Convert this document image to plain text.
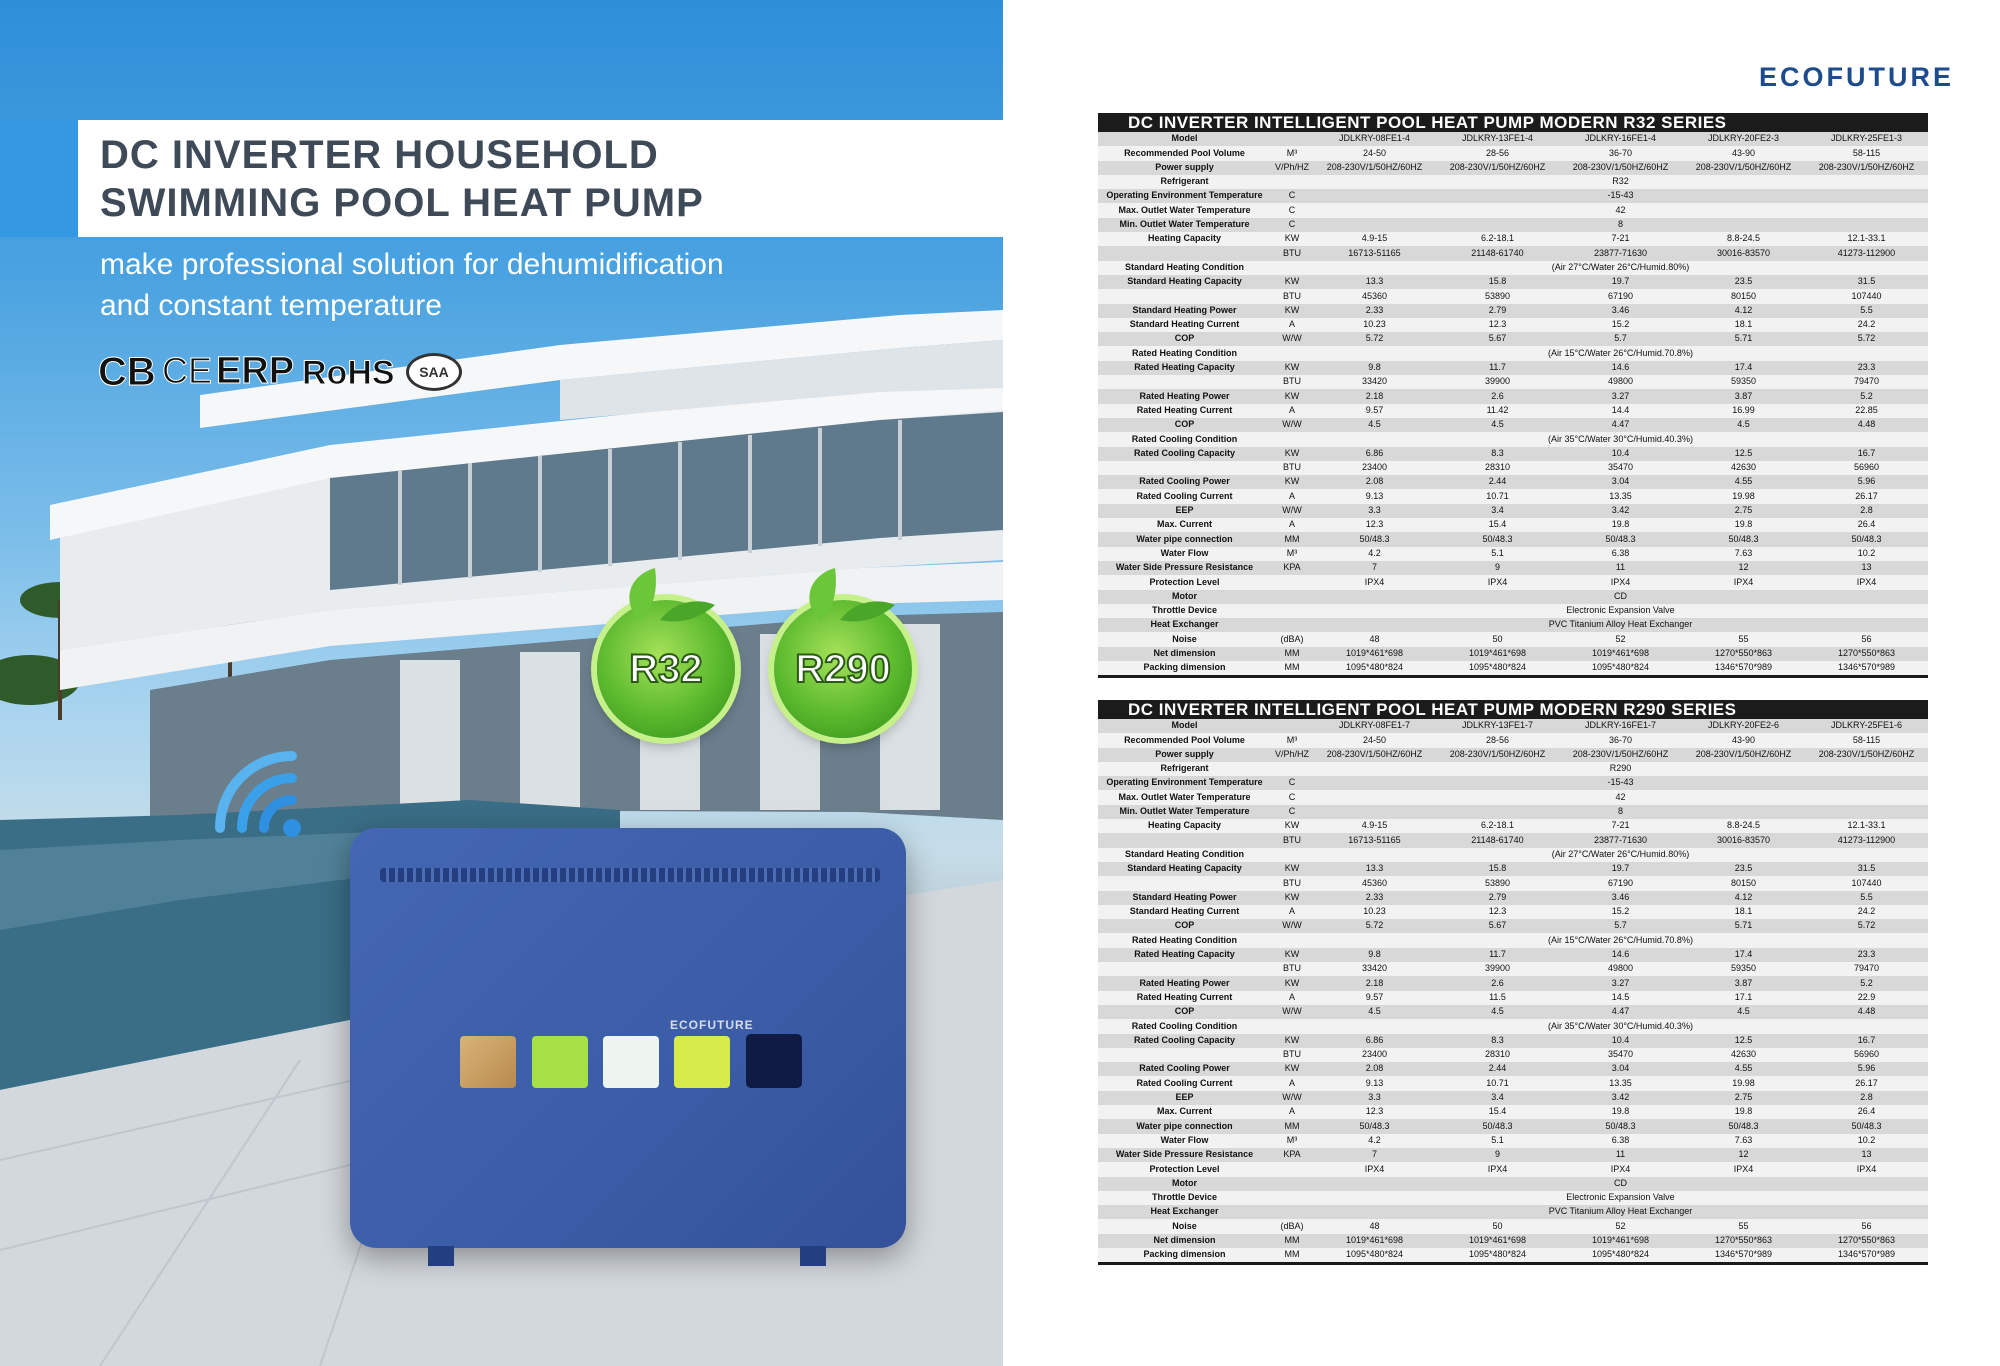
DC INVERTER HOUSEHOLD
SWIMMING POOL HEAT PUMP
make professional solution for dehumidification
and constant temperature
CB CE ERP RoHS	SAA
R32	R290
ECOFUTURE
ECOFUTURE
DC INVERTER INTELLIGENT POOL HEAT PUMP MODERN R32 SERIES
Model		JDLKRY-08FE1-4	JDLKRY-13FE1-4	JDLKRY-16FE1-4	JDLKRY-20FE2-3	JDLKRY-25FE1-3
Recommended Pool Volume	M³	24-50	28-56	36-70	43-90	58-115
Power supply	V/Ph/HZ	208-230V/1/50HZ/60HZ	208-230V/1/50HZ/60HZ	208-230V/1/50HZ/60HZ	208-230V/1/50HZ/60HZ	208-230V/1/50HZ/60HZ
Refrigerant		R32				
Operating Environment Temperature	C	-15-43				
Max. Outlet Water Temperature	C	42				
Min. Outlet Water Temperature	C	8				
Heating Capacity	KW	4.9-15	6.2-18.1	7-21	8.8-24.5	12.1-33.1
	BTU	16713-51165	21148-61740	23877-71630	30016-83570	41273-112900
Standard Heating Condition		(Air 27°C/Water 26°C/Humid.80%)				
Standard Heating Capacity	KW	13.3	15.8	19.7	23.5	31.5
	BTU	45360	53890	67190	80150	107440
Standard Heating Power	KW	2.33	2.79	3.46	4.12	5.5
Standard Heating Current	A	10.23	12.3	15.2	18.1	24.2
COP	W/W	5.72	5.67	5.7	5.71	5.72
Rated Heating Condition		(Air 15°C/Water 26°C/Humid.70.8%)				
Rated Heating Capacity	KW	9.8	11.7	14.6	17.4	23.3
	BTU	33420	39900	49800	59350	79470
Rated Heating Power	KW	2.18	2.6	3.27	3.87	5.2
Rated Heating Current	A	9.57	11.42	14.4	16.99	22.85
COP	W/W	4.5	4.5	4.47	4.5	4.48
Rated Cooling Condition		(Air 35°C/Water 30°C/Humid.40.3%)				
Rated Cooling Capacity	KW	6.86	8.3	10.4	12.5	16.7
	BTU	23400	28310	35470	42630	56960
Rated Cooling Power	KW	2.08	2.44	3.04	4.55	5.96
Rated Cooling Current	A	9.13	10.71	13.35	19.98	26.17
EEP	W/W	3.3	3.4	3.42	2.75	2.8
Max. Current	A	12.3	15.4	19.8	19.8	26.4
Water pipe connection	MM	50/48.3	50/48.3	50/48.3	50/48.3	50/48.3
Water Flow	M³	4.2	5.1	6.38	7.63	10.2
Water Side Pressure Resistance	KPA	7	9	11	12	13
Protection Level		IPX4	IPX4	IPX4	IPX4	IPX4
Motor		CD				
Throttle Device		Electronic Expansion Valve				
Heat Exchanger		PVC Titanium Alloy Heat Exchanger				
Noise	(dBA)	48	50	52	55	56
Net dimension	MM	1019*461*698	1019*461*698	1019*461*698	1270*550*863	1270*550*863
Packing dimension	MM	1095*480*824	1095*480*824	1095*480*824	1346*570*989	1346*570*989
DC INVERTER INTELLIGENT POOL HEAT PUMP MODERN R290 SERIES
Model		JDLKRY-08FE1-7	JDLKRY-13FE1-7	JDLKRY-16FE1-7	JDLKRY-20FE2-6	JDLKRY-25FE1-6
Recommended Pool Volume	M³	24-50	28-56	36-70	43-90	58-115
Power supply	V/Ph/HZ	208-230V/1/50HZ/60HZ	208-230V/1/50HZ/60HZ	208-230V/1/50HZ/60HZ	208-230V/1/50HZ/60HZ	208-230V/1/50HZ/60HZ
Refrigerant		R290				
Operating Environment Temperature	C	-15-43				
Max. Outlet Water Temperature	C	42				
Min. Outlet Water Temperature	C	8				
Heating Capacity	KW	4.9-15	6.2-18.1	7-21	8.8-24.5	12.1-33.1
	BTU	16713-51165	21148-61740	23877-71630	30016-83570	41273-112900
Standard Heating Condition		(Air 27°C/Water 26°C/Humid.80%)				
Standard Heating Capacity	KW	13.3	15.8	19.7	23.5	31.5
	BTU	45360	53890	67190	80150	107440
Standard Heating Power	KW	2.33	2.79	3.46	4.12	5.5
Standard Heating Current	A	10.23	12.3	15.2	18.1	24.2
COP	W/W	5.72	5.67	5.7	5.71	5.72
Rated Heating Condition		(Air 15°C/Water 26°C/Humid.70.8%)				
Rated Heating Capacity	KW	9.8	11.7	14.6	17.4	23.3
	BTU	33420	39900	49800	59350	79470
Rated Heating Power	KW	2.18	2.6	3.27	3.87	5.2
Rated Heating Current	A	9.57	11.5	14.5	17.1	22.9
COP	W/W	4.5	4.5	4.47	4.5	4.48
Rated Cooling Condition		(Air 35°C/Water 30°C/Humid.40.3%)				
Rated Cooling Capacity	KW	6.86	8.3	10.4	12.5	16.7
	BTU	23400	28310	35470	42630	56960
Rated Cooling Power	KW	2.08	2.44	3.04	4.55	5.96
Rated Cooling Current	A	9.13	10.71	13.35	19.98	26.17
EEP	W/W	3.3	3.4	3.42	2.75	2.8
Max. Current	A	12.3	15.4	19.8	19.8	26.4
Water pipe connection	MM	50/48.3	50/48.3	50/48.3	50/48.3	50/48.3
Water Flow	M³	4.2	5.1	6.38	7.63	10.2
Water Side Pressure Resistance	KPA	7	9	11	12	13
Protection Level		IPX4	IPX4	IPX4	IPX4	IPX4
Motor		CD				
Throttle Device		Electronic Expansion Valve				
Heat Exchanger		PVC Titanium Alloy Heat Exchanger				
Noise	(dBA)	48	50	52	55	56
Net dimension	MM	1019*461*698	1019*461*698	1019*461*698	1270*550*863	1270*550*863
Packing dimension	MM	1095*480*824	1095*480*824	1095*480*824	1346*570*989	1346*570*989
